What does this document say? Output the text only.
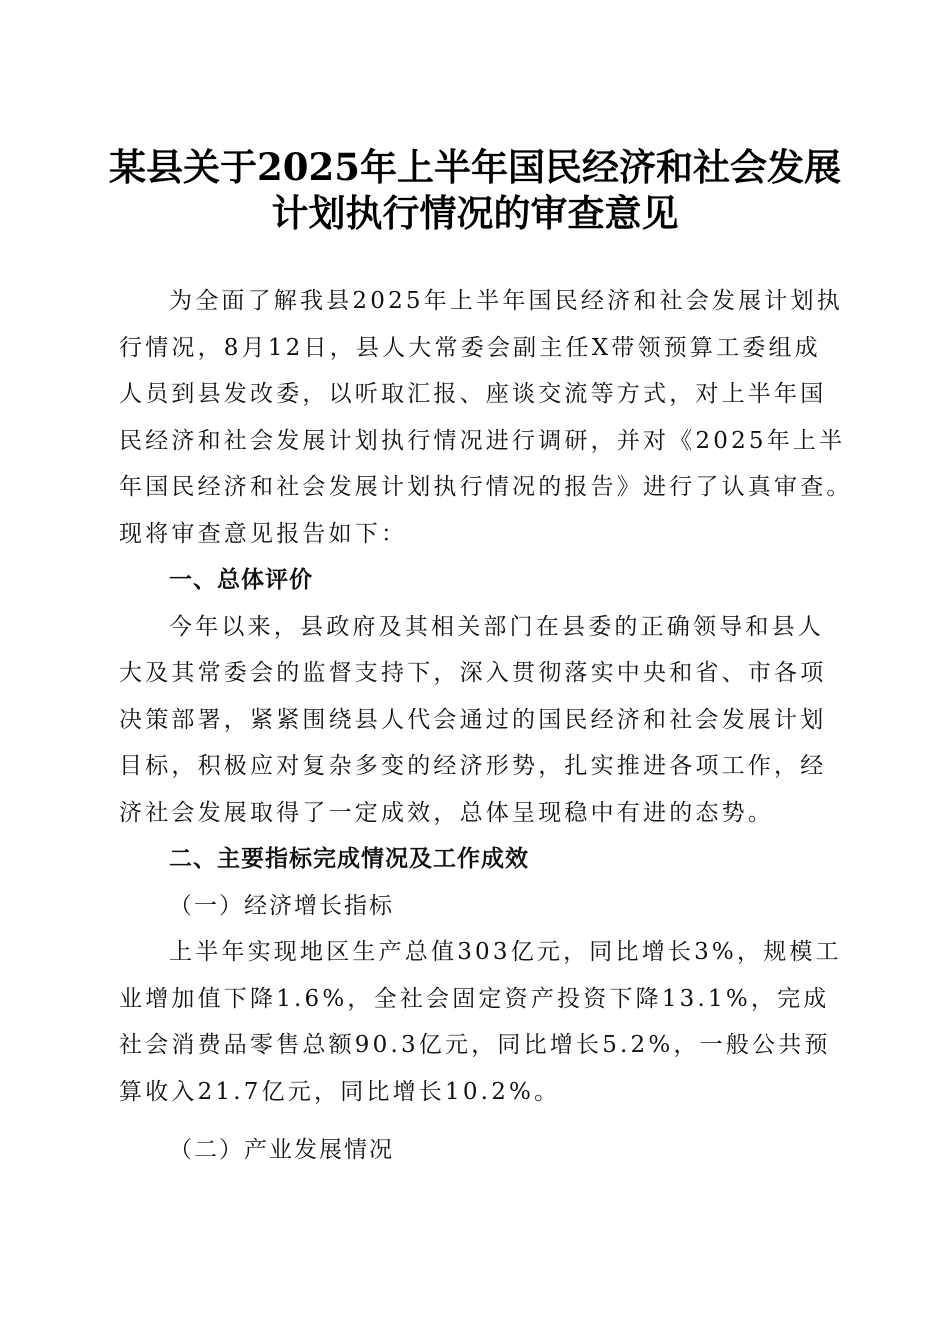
某县关于2025年上半年国民经济和社会发展
计划执行情况的审查意见
为全面了解我县2025年上半年国民经济和社会发展计划执
行情况，8月12日，县人大常委会副主任X带领预算工委组成
人员到县发改委，以听取汇报、座谈交流等方式，对上半年国
民经济和社会发展计划执行情况进行调研，并对《2025年上半
年国民经济和社会发展计划执行情况的报告》进行了认真审查。
现将审查意见报告如下：
一、总体评价
今年以来，县政府及其相关部门在县委的正确领导和县人
大及其常委会的监督支持下，深入贯彻落实中央和省、市各项
决策部署，紧紧围绕县人代会通过的国民经济和社会发展计划
目标，积极应对复杂多变的经济形势，扎实推进各项工作，经
济社会发展取得了一定成效，总体呈现稳中有进的态势。
二、主要指标完成情况及工作成效
（一）经济增长指标
上半年实现地区生产总值303亿元，同比增长3%，规模工
业增加值下降1.6%，全社会固定资产投资下降13.1%，完成
社会消费品零售总额90.3亿元，同比增长5.2%，一般公共预
算收入21.7亿元，同比增长10.2%。
（二）产业发展情况
